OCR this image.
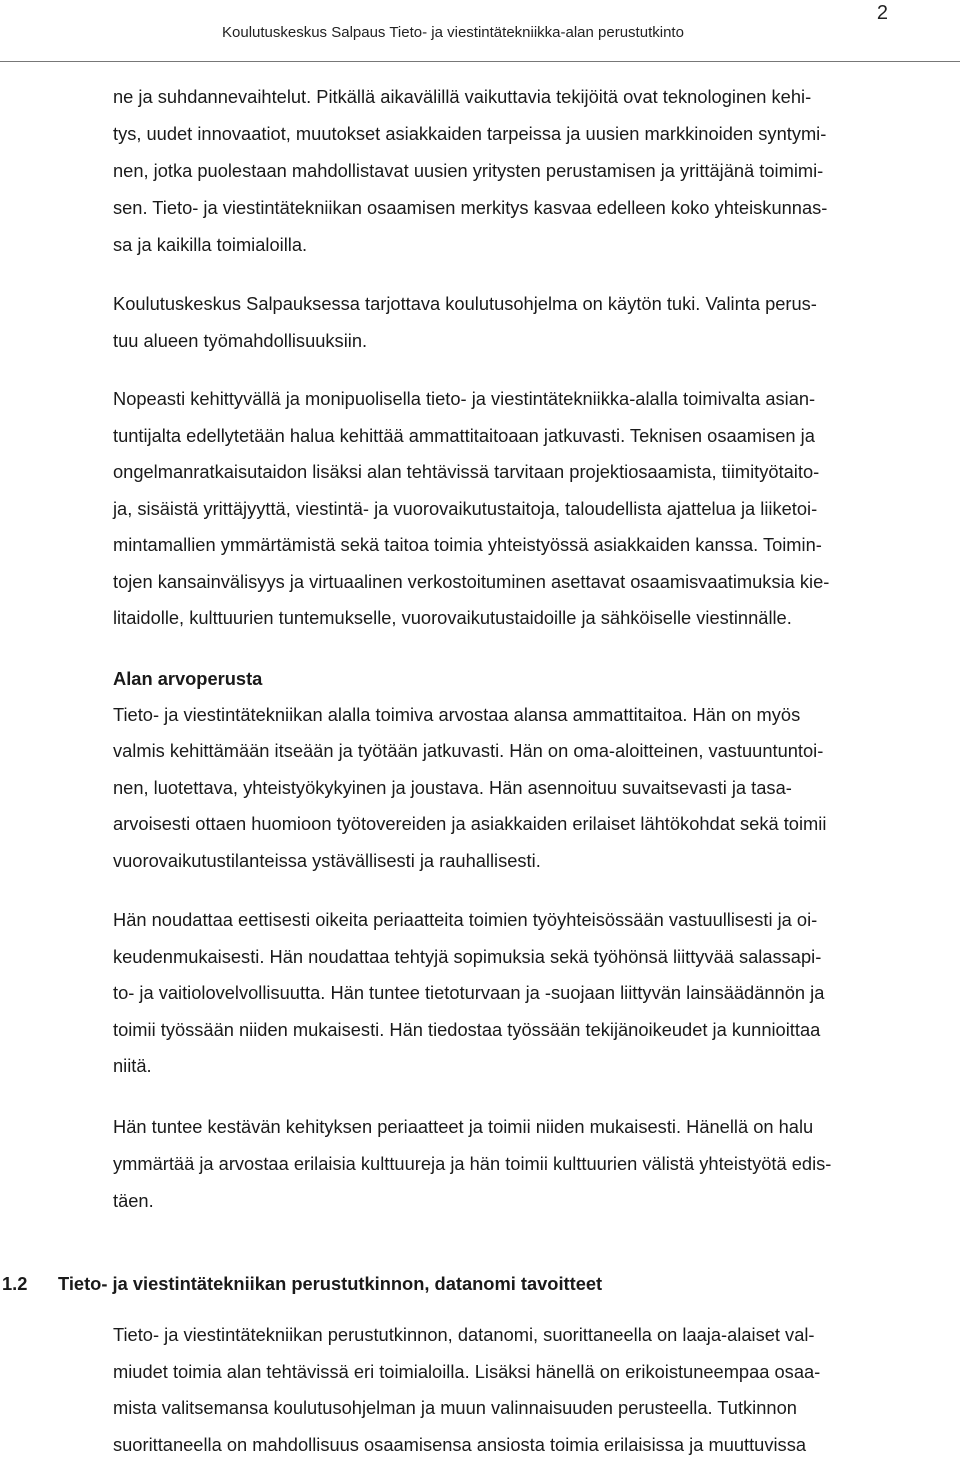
Koulutuskeskus Salpaus Tieto- ja viestintätekniikka-alan perustutkinto
2

ne ja suhdannevaihtelut. Pitkällä aikavälillä vaikuttavia tekijöitä ovat teknologinen kehi-
tys, uudet innovaatiot, muutokset asiakkaiden tarpeissa ja uusien markkinoiden syntymi-
nen, jotka puolestaan mahdollistavat uusien yritysten perustamisen ja yrittäjänä toimimi-
sen. Tieto- ja viestintätekniikan osaamisen merkitys kasvaa edelleen koko yhteiskunnas-
sa ja kaikilla toimialoilla.

Koulutuskeskus Salpauksessa tarjottava koulutusohjelma on käytön tuki. Valinta perus-
tuu alueen työmahdollisuuksiin.

Nopeasti kehittyvällä ja monipuolisella tieto- ja viestintätekniikka-alalla toimivalta asian-
tuntijalta edellytetään halua kehittää ammattitaitoaan jatkuvasti. Teknisen osaamisen ja
ongelmanratkaisutaidon lisäksi alan tehtävissä tarvitaan projektiosaamista, tiimityötaito-
ja, sisäistä yrittäjyyttä, viestintä- ja vuorovaikutustaitoja, taloudellista ajattelua ja liiketoi-
mintamallien ymmärtämistä sekä taitoa toimia yhteistyössä asiakkaiden kanssa. Toimin-
tojen kansainvälisyys ja virtuaalinen verkostoituminen asettavat osaamisvaatimuksia kie-
litaidolle, kulttuurien tuntemukselle, vuorovaikutustaidoille ja sähköiselle viestinnälle.

Alan arvoperusta

Tieto- ja viestintätekniikan alalla toimiva arvostaa alansa ammattitaitoa. Hän on myös
valmis kehittämään itseään ja työtään jatkuvasti. Hän on oma-aloitteinen, vastuuntuntoi-
nen, luotettava, yhteistyökykyinen ja joustava. Hän asennoituu suvaitsevasti ja tasa-
arvoisesti ottaen huomioon työtovereiden ja asiakkaiden erilaiset lähtökohdat sekä toimii
vuorovaikutustilanteissa ystävällisesti ja rauhallisesti.

Hän noudattaa eettisesti oikeita periaatteita toimien työyhteisössään vastuullisesti ja oi-
keudenmukaisesti. Hän noudattaa tehtyjä sopimuksia sekä työhönsä liittyvää salassapi-
to- ja vaitiolovelvollisuutta. Hän tuntee tietoturvaan ja -suojaan liittyvän lainsäädännön ja
toimii työssään niiden mukaisesti. Hän tiedostaa työssään tekijänoikeudet ja kunnioittaa
niitä.

Hän tuntee kestävän kehityksen periaatteet ja toimii niiden mukaisesti. Hänellä on halu
ymmärtää ja arvostaa erilaisia kulttuureja ja hän toimii kulttuurien välistä yhteistyötä edis-
täen.

1.2 Tieto- ja viestintätekniikan perustutkinnon, datanomi tavoitteet

Tieto- ja viestintätekniikan perustutkinnon, datanomi, suorittaneella on laaja-alaiset val-
miudet toimia alan tehtävissä eri toimialoilla. Lisäksi hänellä on erikoistuneempaa osaa-
mista valitsemansa koulutusohjelman ja muun valinnaisuuden perusteella. Tutkinnon
suorittaneella on mahdollisuus osaamisensa ansiosta toimia erilaisissa ja muuttuvissa
